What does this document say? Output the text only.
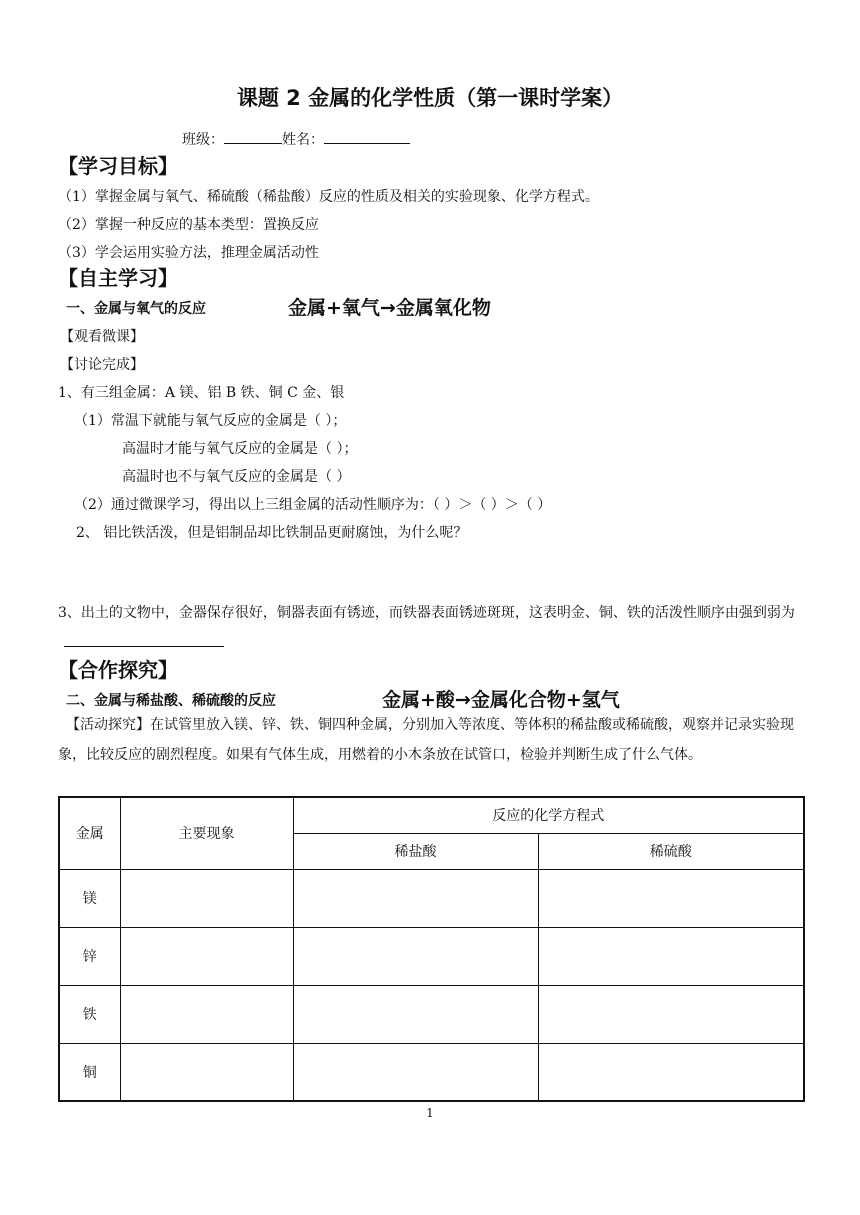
课题 2 金属的化学性质（第一课时学案）
班级：	姓名：
【学习目标】
（1）掌握金属与氧气、稀硫酸（稀盐酸）反应的性质及相关的实验现象、化学方程式。
（2）掌握一种反应的基本类型：置换反应
（3）学会运用实验方法，推理金属活动性
【自主学习】
一、金属与氧气的反应	金属+氧气→金属氧化物
【观看微课】
【讨论完成】
1、有三组金属：A 镁、铝 B 铁、铜 C 金、银
（1）常温下就能与氧气反应的金属是（ ）；
高温时才能与氧气反应的金属是（ ）；
高温时也不与氧气反应的金属是（ ）
（2）通过微课学习，得出以上三组金属的活动性顺序为：（ ）＞（ ）＞（ ）
2、 铝比铁活泼，但是铝制品却比铁制品更耐腐蚀，为什么呢？
3、出土的文物中，金器保存很好，铜器表面有锈迹，而铁器表面锈迹斑斑，这表明金、铜、铁的活泼性顺序由强到弱为
【合作探究】
二、金属与稀盐酸、稀硫酸的反应	金属+酸→金属化合物+氢气
【活动探究】在试管里放入镁、锌、铁、铜四种金属，分别加入等浓度、等体积的稀盐酸或稀硫酸，观察并记录实验现象，比较反应的剧烈程度。如果有气体生成，用燃着的小木条放在试管口，检验并判断生成了什么气体。
金属	主要现象	反应的化学方程式	
		稀盐酸	稀硫酸
镁			
锌			
铁			
铜			
1
